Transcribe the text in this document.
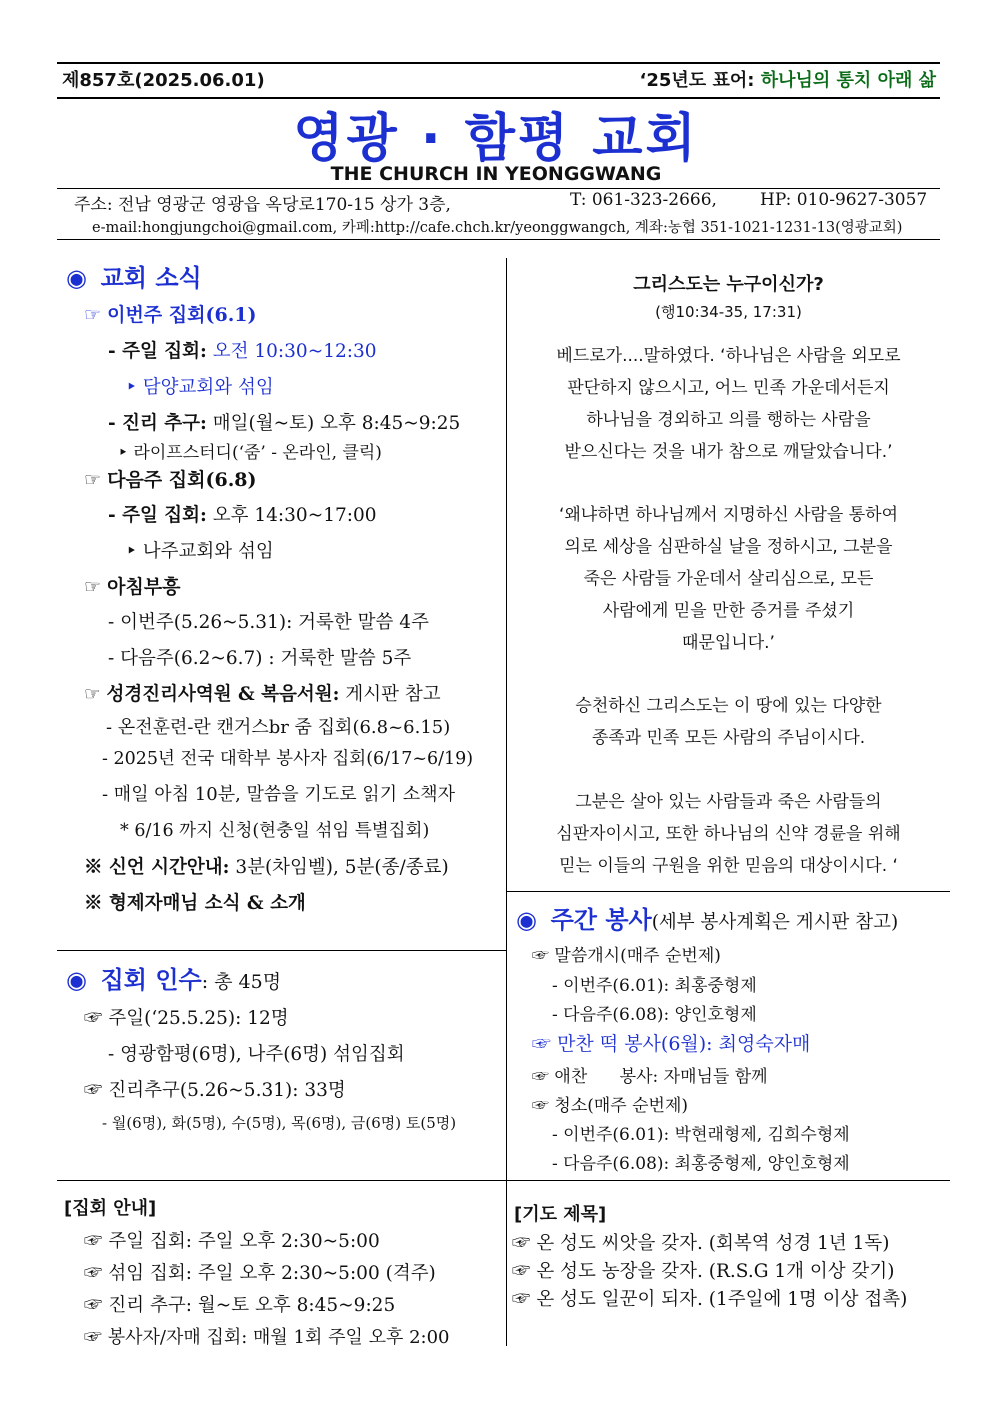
제857호(2025.06.01)	‘25년도 표어: 하나님의 통치 아래 삶
영광 · 함평 교회
THE CHURCH IN YEONGGWANG
주소: 전남 영광군 영광읍 옥당로170-15 상가 3층,	T: 061-323-2666,	HP: 010-9627-3057
e-mail:hongjungchoi@gmail.com, 카페:http://cafe.chch.kr/yeonggwangch, 계좌:농협 351-1021-1231-13(영광교회)
◉ 교회 소식
☞ 이번주 집회(6.1)
- 주일 집회: 오전 10:30~12:30
‣ 담양교회와 섞임
- 진리 추구: 매일(월~토) 오후 8:45~9:25
‣ 라이프스터디(‘줌’ - 온라인, 클릭)
☞ 다음주 집회(6.8)
- 주일 집회: 오후 14:30~17:00
‣ 나주교회와 섞임
☞ 아침부흥
- 이번주(5.26~5.31): 거룩한 말씀 4주
- 다음주(6.2~6.7) : 거룩한 말씀 5주
☞ 성경진리사역원 & 복음서원: 게시판 참고
- 온전훈련-란 캔거스br 줌 집회(6.8~6.15)
- 2025년 전국 대학부 봉사자 집회(6/17~6/19)
- 매일 아침 10분, 말씀을 기도로 읽기 소책자
* 6/16 까지 신청(현충일 섞임 특별집회)
※ 신언 시간안내: 3분(차임벨), 5분(종/종료)
※ 형제자매님 소식 & 소개
그리스도는 누구이신가?
(행10:34-35, 17:31)
베드로가....말하였다. ‘하나님은 사람을 외모로
판단하지 않으시고, 어느 민족 가운데서든지
하나님을 경외하고 의를 행하는 사람을
받으신다는 것을 내가 참으로 깨달았습니다.’
‘왜냐하면 하나님께서 지명하신 사람을 통하여
의로 세상을 심판하실 날을 정하시고, 그분을
죽은 사람들 가운데서 살리심으로, 모든
사람에게 믿을 만한 증거를 주셨기
때문입니다.’
승천하신 그리스도는 이 땅에 있는 다양한
종족과 민족 모든 사람의 주님이시다.
그분은 살아 있는 사람들과 죽은 사람들의
심판자이시고, 또한 하나님의 신약 경륜을 위해
믿는 이들의 구원을 위한 믿음의 대상이시다. ‘
◉ 집회 인수: 총 45명
☞ 주일(‘25.5.25): 12명
- 영광함평(6명), 나주(6명) 섞임집회
☞ 진리추구(5.26~5.31): 33명
- 월(6명), 화(5명), 수(5명), 목(6명), 금(6명) 토(5명)
◉ 주간 봉사(세부 봉사계획은 게시판 참고)
☞ 말씀개시(매주 순번제)
- 이번주(6.01): 최홍중형제
- 다음주(6.08): 양인호형제
☞ 만찬 떡 봉사(6월): 최영숙자매
☞ 애찬      봉사: 자매님들 함께
☞ 청소(매주 순번제)
- 이번주(6.01): 박현래형제, 김희수형제
- 다음주(6.08): 최홍중형제, 양인호형제
[집회 안내]
☞ 주일 집회: 주일 오후 2:30~5:00
☞ 섞임 집회: 주일 오후 2:30~5:00 (격주)
☞ 진리 추구: 월~토 오후 8:45~9:25
☞ 봉사자/자매 집회: 매월 1회 주일 오후 2:00
[기도 제목]
☞ 온 성도 씨앗을 갖자. (회복역 성경 1년 1독)
☞ 온 성도 농장을 갖자. (R.S.G 1개 이상 갖기)
☞ 온 성도 일꾼이 되자. (1주일에 1명 이상 접촉)
